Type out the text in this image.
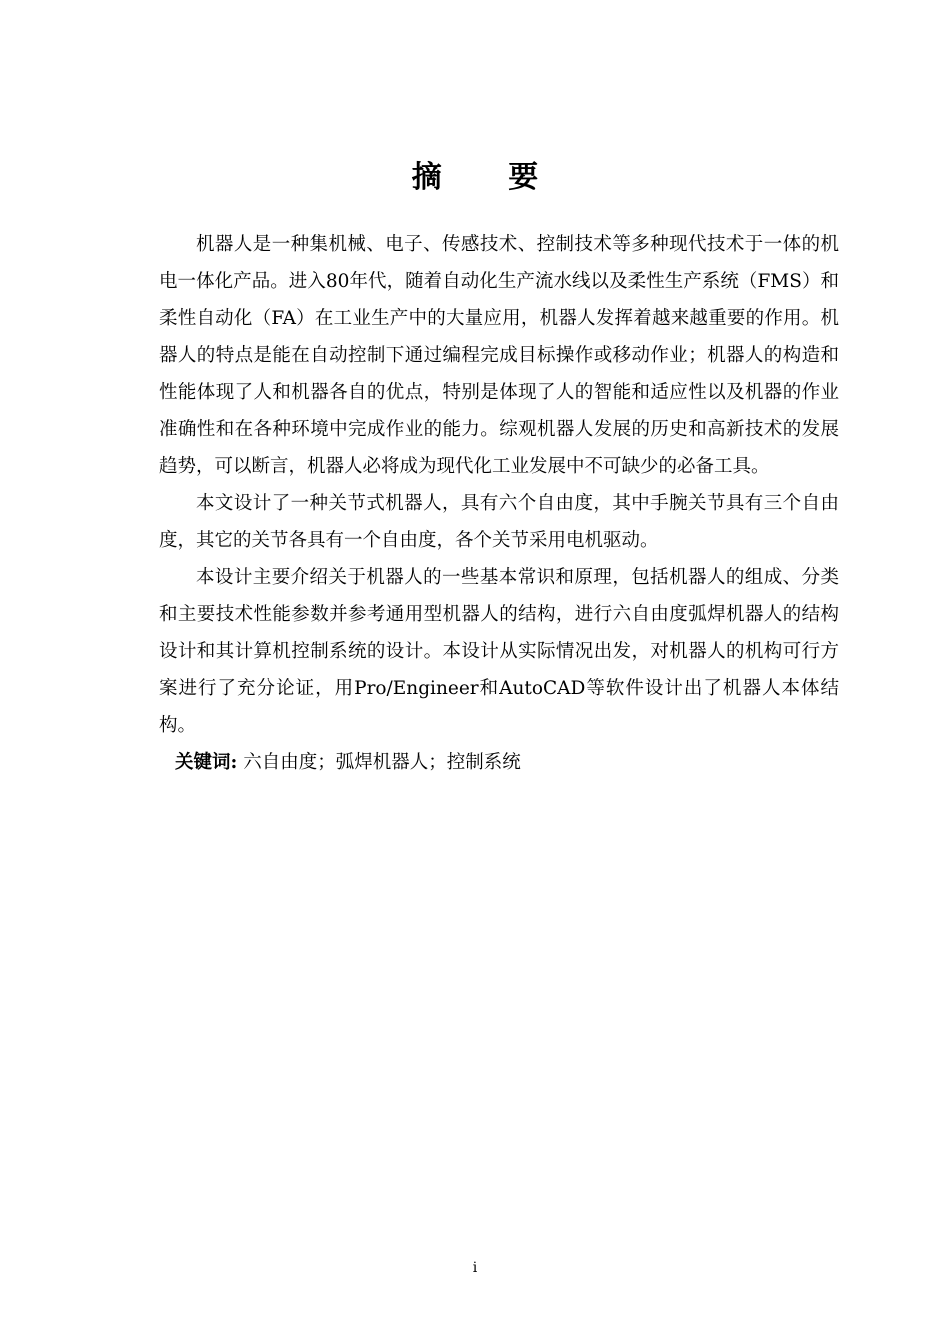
摘 要

机器人是一种集机械、电子、传感技术、控制技术等多种现代技术于一体的机电一体化产品。进入80年代，随着自动化生产流水线以及柔性生产系统（FMS）和柔性自动化（FA）在工业生产中的大量应用，机器人发挥着越来越重要的作用。机器人的特点是能在自动控制下通过编程完成目标操作或移动作业；机器人的构造和性能体现了人和机器各自的优点，特别是体现了人的智能和适应性以及机器的作业准确性和在各种环境中完成作业的能力。综观机器人发展的历史和高新技术的发展趋势，可以断言，机器人必将成为现代化工业发展中不可缺少的必备工具。

本文设计了一种关节式机器人，具有六个自由度，其中手腕关节具有三个自由度，其它的关节各具有一个自由度，各个关节采用电机驱动。

本设计主要介绍关于机器人的一些基本常识和原理，包括机器人的组成、分类和主要技术性能参数并参考通用型机器人的结构，进行六自由度弧焊机器人的结构设计和其计算机控制系统的设计。本设计从实际情况出发，对机器人的机构可行方案进行了充分论证，用Pro/Engineer和AutoCAD等软件设计出了机器人本体结构。

关键词: 六自由度；弧焊机器人；控制系统

i
